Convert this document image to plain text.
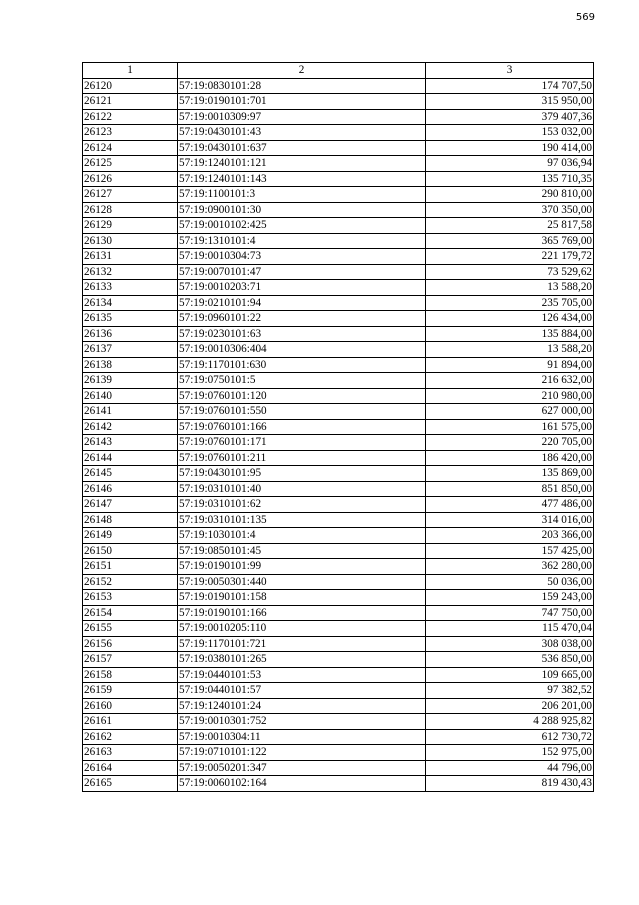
569
1	2	3
26120	57:19:0830101:28	174 707,50
26121	57:19:0190101:701	315 950,00
26122	57:19:0010309:97	379 407,36
26123	57:19:0430101:43	153 032,00
26124	57:19:0430101:637	190 414,00
26125	57:19:1240101:121	97 036,94
26126	57:19:1240101:143	135 710,35
26127	57:19:1100101:3	290 810,00
26128	57:19:0900101:30	370 350,00
26129	57:19:0010102:425	25 817,58
26130	57:19:1310101:4	365 769,00
26131	57:19:0010304:73	221 179,72
26132	57:19:0070101:47	73 529,62
26133	57:19:0010203:71	13 588,20
26134	57:19:0210101:94	235 705,00
26135	57:19:0960101:22	126 434,00
26136	57:19:0230101:63	135 884,00
26137	57:19:0010306:404	13 588,20
26138	57:19:1170101:630	91 894,00
26139	57:19:0750101:5	216 632,00
26140	57:19:0760101:120	210 980,00
26141	57:19:0760101:550	627 000,00
26142	57:19:0760101:166	161 575,00
26143	57:19:0760101:171	220 705,00
26144	57:19:0760101:211	186 420,00
26145	57:19:0430101:95	135 869,00
26146	57:19:0310101:40	851 850,00
26147	57:19:0310101:62	477 486,00
26148	57:19:0310101:135	314 016,00
26149	57:19:1030101:4	203 366,00
26150	57:19:0850101:45	157 425,00
26151	57:19:0190101:99	362 280,00
26152	57:19:0050301:440	50 036,00
26153	57:19:0190101:158	159 243,00
26154	57:19:0190101:166	747 750,00
26155	57:19:0010205:110	115 470,04
26156	57:19:1170101:721	308 038,00
26157	57:19:0380101:265	536 850,00
26158	57:19:0440101:53	109 665,00
26159	57:19:0440101:57	97 382,52
26160	57:19:1240101:24	206 201,00
26161	57:19:0010301:752	4 288 925,82
26162	57:19:0010304:11	612 730,72
26163	57:19:0710101:122	152 975,00
26164	57:19:0050201:347	44 796,00
26165	57:19:0060102:164	819 430,43
